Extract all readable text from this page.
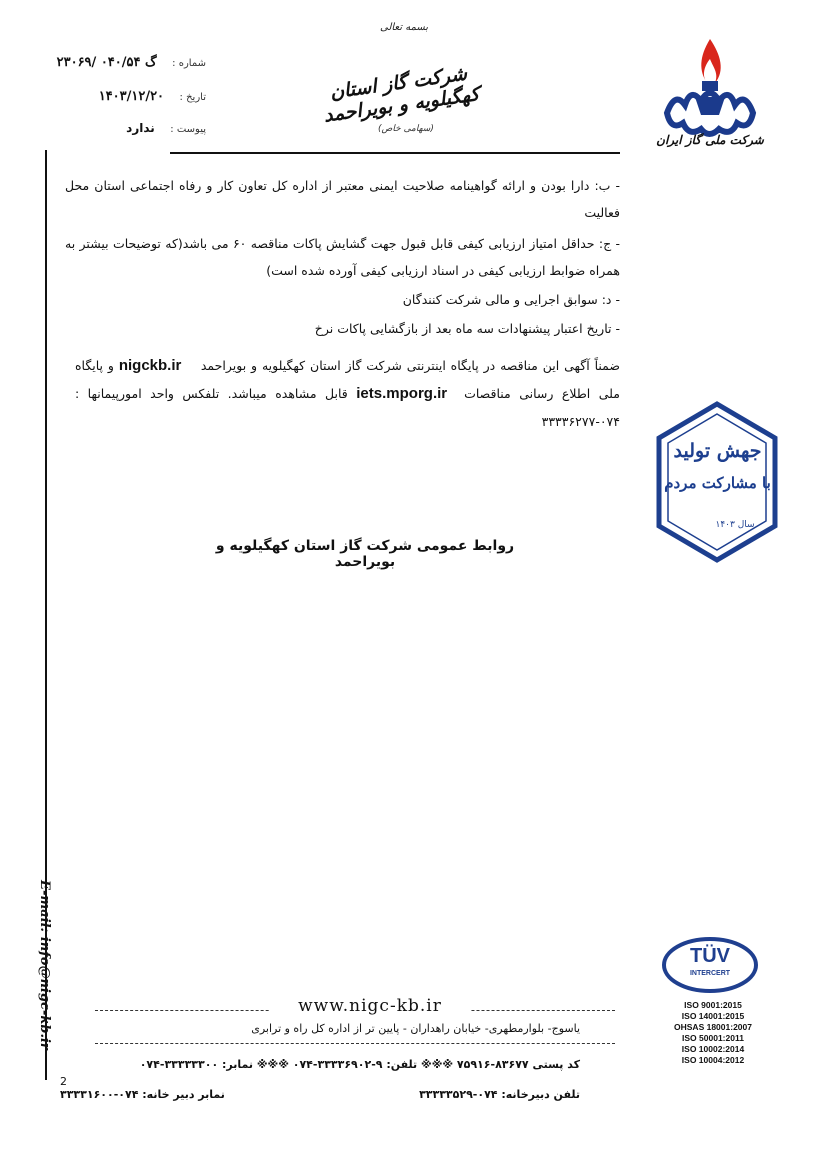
بسمه تعالی
شماره : گ ۰۴۰/۵۴ /۲۳۰۶۹
تاریخ : ۱۴۰۳/۱۲/۲۰
پیوست : ندارد
شرکت گاز استان کهگیلویه و بویراحمد
(سهامی خاص)
شرکت ملی گاز ایران
- ب: دارا بودن و ارائه گواهینامه صلاحیت ایمنی معتبر از اداره کل تعاون کار و رفاه اجتماعی استان محل فعالیت
- ج: حداقل امتیاز ارزیابی کیفی قابل قبول جهت گشایش پاکات مناقصه ۶۰ می باشد(که توضیحات بیشتر به همراه ضوابط ارزیابی کیفی در اسناد ارزیابی کیفی آورده شده است)
- د: سوابق اجرایی و مالی شرکت کنندگان
- تاریخ اعتبار پیشنهادات سه ماه بعد از بازگشایی پاکات نرخ
ضمناً آگهی این مناقصه در پایگاه اینترنتی شرکت گاز استان کهگیلویه و بویراحمد    nigckb.ir و پایگاه ملی اطلاع رسانی مناقصات  iets.mporg.ir قابل مشاهده میباشد. تلفکس واحد امورپیمانها : ۰۷۴-۳۳۳۳۶۲۷۷
روابط عمومی شرکت گاز استان کهگیلویه و بویراحمد
جهش تولید
با مشارکت مردم
سال ۱۴۰۳
E-mail: info@nigc-kb.ir
2
TÜV
INTERCERT
ISO 9001:2015
ISO 14001:2015
OHSAS 18001:2007
ISO 50001:2011
ISO 10002:2014
ISO 10004:2012
www.nigc-kb.ir
یاسوج- بلوارمطهری- خیابان راهداران - پایین تر از اداره کل راه و ترابری
کد پستی ۸۳۶۷۷-۷۵۹۱۶ ※※※ تلفن: ۹-۳۳۳۳۶۹۰۲-۰۷۴ ※※※ نمابر: ۳۳۳۳۳۳۰۰-۰۷۴
تلفن دبیرخانه: ۰۷۴-۳۳۳۳۳۵۲۹
نمابر دبیر خانه: ۰۷۴-۳۳۳۳۱۶۰۰
